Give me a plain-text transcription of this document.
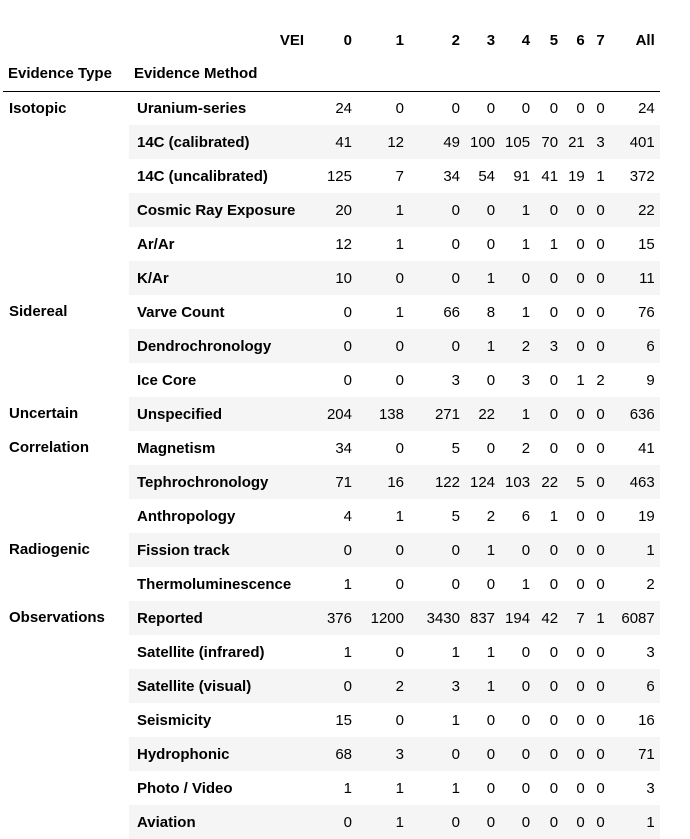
	VEI	0	1	2	3	4	5	6	7	All
Evidence Type	Evidence Method									
Isotopic	Uranium-series	24	0	0	0	0	0	0	0	24
	14C (calibrated)	41	12	49	100	105	70	21	3	401
	14C (uncalibrated)	125	7	34	54	91	41	19	1	372
	Cosmic Ray Exposure	20	1	0	0	1	0	0	0	22
	Ar/Ar	12	1	0	0	1	1	0	0	15
	K/Ar	10	0	0	1	0	0	0	0	11
Sidereal	Varve Count	0	1	66	8	1	0	0	0	76
	Dendrochronology	0	0	0	1	2	3	0	0	6
	Ice Core	0	0	3	0	3	0	1	2	9
Uncertain	Unspecified	204	138	271	22	1	0	0	0	636
Correlation	Magnetism	34	0	5	0	2	0	0	0	41
	Tephrochronology	71	16	122	124	103	22	5	0	463
	Anthropology	4	1	5	2	6	1	0	0	19
Radiogenic	Fission track	0	0	0	1	0	0	0	0	1
	Thermoluminescence	1	0	0	0	1	0	0	0	2
Observations	Reported	376	1200	3430	837	194	42	7	1	6087
	Satellite (infrared)	1	0	1	1	0	0	0	0	3
	Satellite (visual)	0	2	3	1	0	0	0	0	6
	Seismicity	15	0	1	0	0	0	0	0	16
	Hydrophonic	68	3	0	0	0	0	0	0	71
	Photo / Video	1	1	1	0	0	0	0	0	3
	Aviation	0	1	0	0	0	0	0	0	1
